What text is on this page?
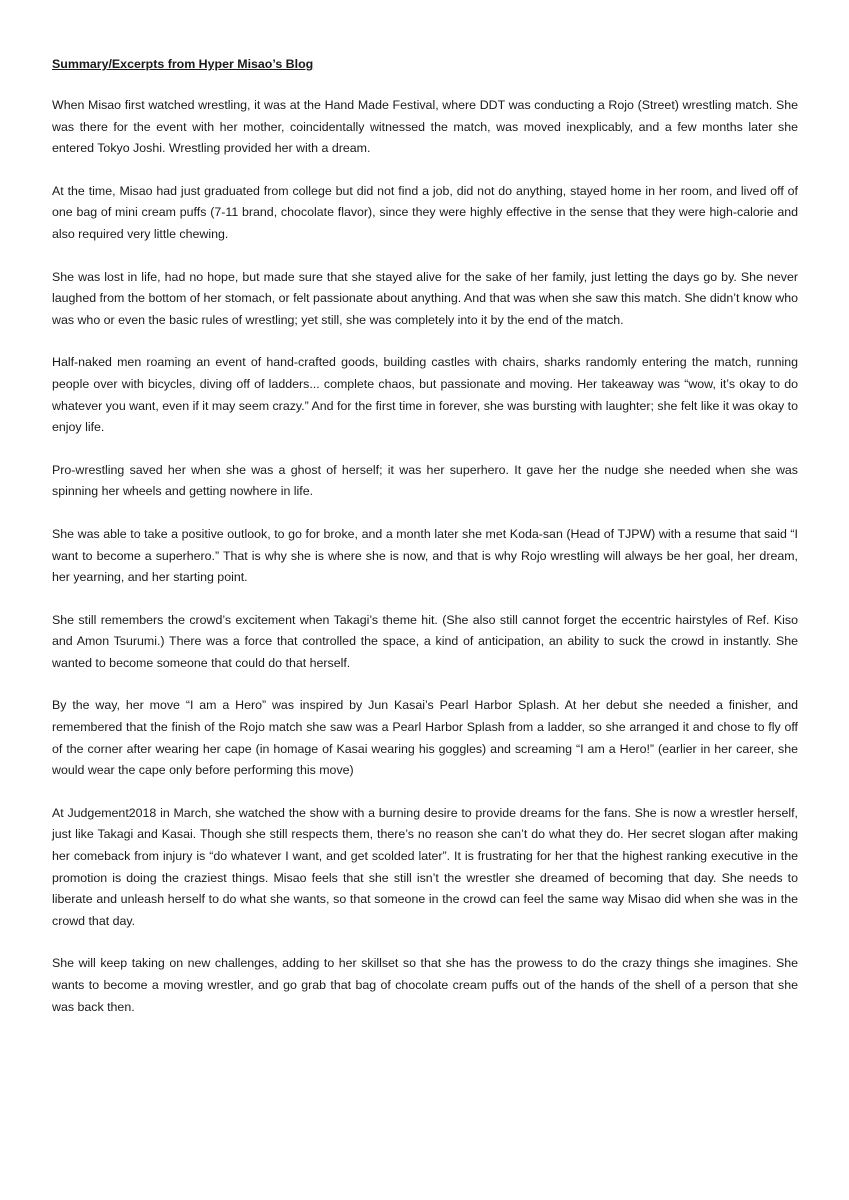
Summary/Excerpts from Hyper Misao’s Blog

When Misao first watched wrestling, it was at the Hand Made Festival, where DDT was conducting a Rojo (Street) wrestling match. She was there for the event with her mother, coincidentally witnessed the match, was moved inexplicably, and a few months later she entered Tokyo Joshi. Wrestling provided her with a dream.

At the time, Misao had just graduated from college but did not find a job, did not do anything, stayed home in her room, and lived off of one bag of mini cream puffs (7-11 brand, chocolate flavor), since they were highly effective in the sense that they were high-calorie and also required very little chewing.

She was lost in life, had no hope, but made sure that she stayed alive for the sake of her family, just letting the days go by. She never laughed from the bottom of her stomach, or felt passionate about anything. And that was when she saw this match. She didn’t know who was who or even the basic rules of wrestling; yet still, she was completely into it by the end of the match.

Half-naked men roaming an event of hand-crafted goods, building castles with chairs, sharks randomly entering the match, running people over with bicycles, diving off of ladders... complete chaos, but passionate and moving. Her takeaway was “wow, it’s okay to do whatever you want, even if it may seem crazy.” And for the first time in forever, she was bursting with laughter; she felt like it was okay to enjoy life.

Pro-wrestling saved her when she was a ghost of herself; it was her superhero. It gave her the nudge she needed when she was spinning her wheels and getting nowhere in life.

She was able to take a positive outlook, to go for broke, and a month later she met Koda-san (Head of TJPW) with a resume that said “I want to become a superhero.” That is why she is where she is now, and that is why Rojo wrestling will always be her goal, her dream, her yearning, and her starting point.

She still remembers the crowd’s excitement when Takagi’s theme hit. (She also still cannot forget the eccentric hairstyles of Ref. Kiso and Amon Tsurumi.) There was a force that controlled the space, a kind of anticipation, an ability to suck the crowd in instantly. She wanted to become someone that could do that herself.

By the way, her move “I am a Hero” was inspired by Jun Kasai’s Pearl Harbor Splash. At her debut she needed a finisher, and remembered that the finish of the Rojo match she saw was a Pearl Harbor Splash from a ladder, so she arranged it and chose to fly off of the corner after wearing her cape (in homage of Kasai wearing his goggles) and screaming “I am a Hero!” (earlier in her career, she would wear the cape only before performing this move)

At Judgement2018 in March, she watched the show with a burning desire to provide dreams for the fans. She is now a wrestler herself, just like Takagi and Kasai. Though she still respects them, there’s no reason she can’t do what they do. Her secret slogan after making her comeback from injury is “do whatever I want, and get scolded later”. It is frustrating for her that the highest ranking executive in the promotion is doing the craziest things. Misao feels that she still isn’t the wrestler she dreamed of becoming that day. She needs to liberate and unleash herself to do what she wants, so that someone in the crowd can feel the same way Misao did when she was in the crowd that day.

She will keep taking on new challenges, adding to her skillset so that she has the prowess to do the crazy things she imagines. She wants to become a moving wrestler, and go grab that bag of chocolate cream puffs out of the hands of the shell of a person that she was back then.
